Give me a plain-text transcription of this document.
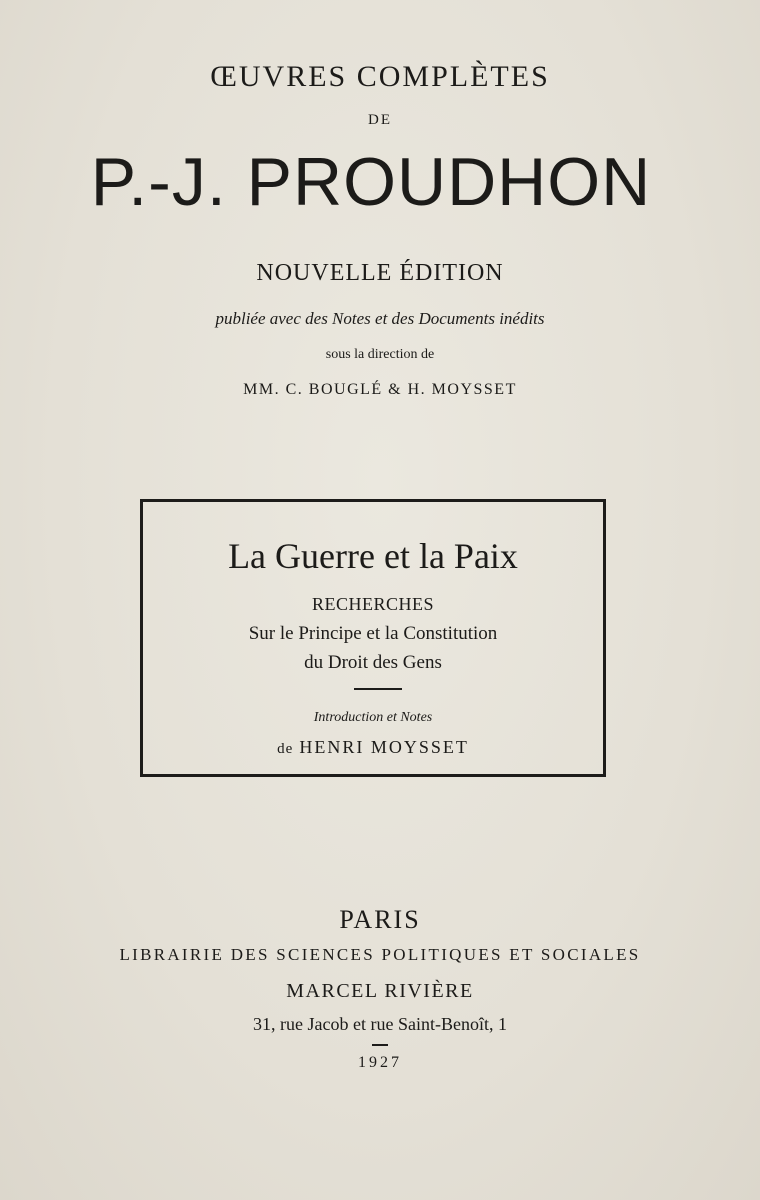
ŒUVRES COMPLÈTES
DE
P.-J. PROUDHON
NOUVELLE ÉDITION
publiée avec des Notes et des Documents inédits
sous la direction de
MM. C. BOUGLÉ & H. MOYSSET
La Guerre et la Paix
RECHERCHES
Sur le Principe et la Constitution
du Droit des Gens
Introduction et Notes
de HENRI MOYSSET
PARIS
LIBRAIRIE DES SCIENCES POLITIQUES ET SOCIALES
MARCEL RIVIÈRE
31, rue Jacob et rue Saint-Benoît, 1
1927
